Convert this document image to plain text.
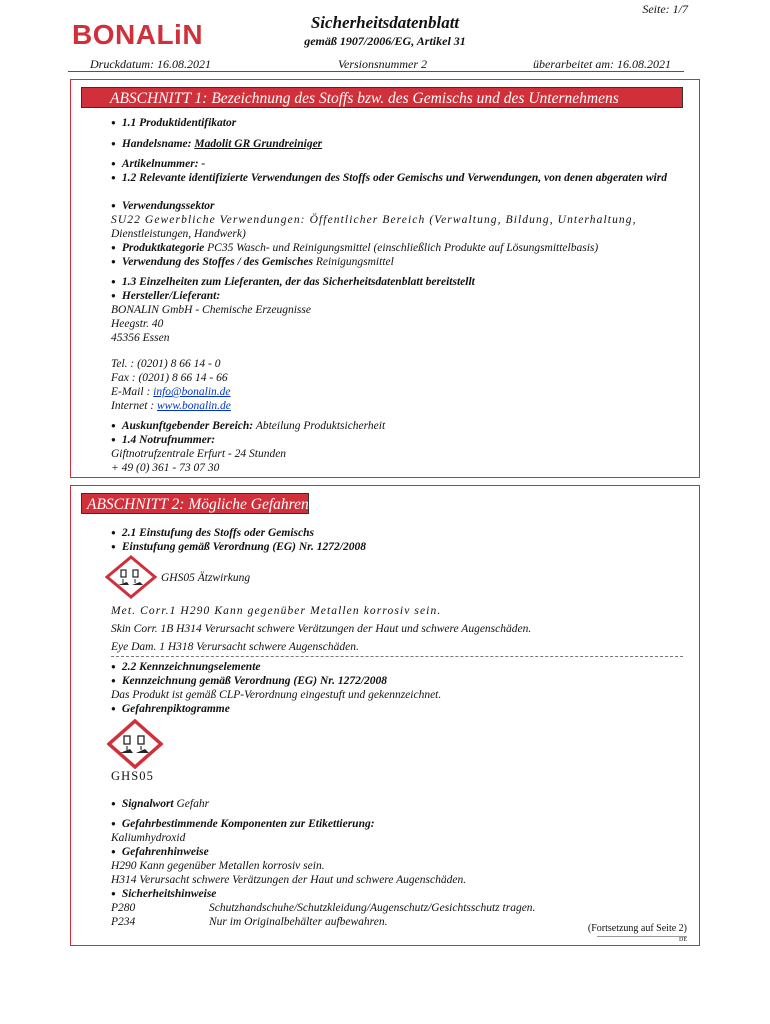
Seite: 1/7
BONALiN	Sicherheitsdatenblatt
gemäß 1907/2006/EG, Artikel 31
Druckdatum: 16.08.2021	Versionsnummer 2	überarbeitet am: 16.08.2021
ABSCHNITT 1: Bezeichnung des Stoffs bzw. des Gemischs und des Unternehmens
● 1.1 Produktidentifikator
● Handelsname: Madolit GR Grundreiniger
● Artikelnummer: -
● 1.2 Relevante identifizierte Verwendungen des Stoffs oder Gemischs und Verwendungen, von denen abgeraten wird
● Verwendungssektor
SU22 Gewerbliche Verwendungen: Öffentlicher Bereich (Verwaltung, Bildung, Unterhaltung,
Dienstleistungen, Handwerk)
● Produktkategorie PC35 Wasch- und Reinigungsmittel (einschließlich Produkte auf Lösungsmittelbasis)
● Verwendung des Stoffes / des Gemisches Reinigungsmittel
● 1.3 Einzelheiten zum Lieferanten, der das Sicherheitsdatenblatt bereitstellt
● Hersteller/Lieferant:
BONALIN GmbH - Chemische Erzeugnisse
Heegstr. 40
45356 Essen
Tel. : (0201) 8 66 14 - 0
Fax : (0201) 8 66 14 - 66
E-Mail : info@bonalin.de
Internet : www.bonalin.de
● Auskunftgebender Bereich: Abteilung Produktsicherheit
● 1.4 Notrufnummer:
Giftnotrufzentrale Erfurt - 24 Stunden
+ 49 (0) 361 - 73 07 30
ABSCHNITT 2: Mögliche Gefahren
● 2.1 Einstufung des Stoffs oder Gemischs
● Einstufung gemäß Verordnung (EG) Nr. 1272/2008
GHS05 Ätzwirkung
Met. Corr.1 H290 Kann gegenüber Metallen korrosiv sein.
Skin Corr. 1B H314 Verursacht schwere Verätzungen der Haut und schwere Augenschäden.
Eye Dam. 1 H318 Verursacht schwere Augenschäden.
● 2.2 Kennzeichnungselemente
● Kennzeichnung gemäß Verordnung (EG) Nr. 1272/2008
Das Produkt ist gemäß CLP-Verordnung eingestuft und gekennzeichnet.
● Gefahrenpiktogramme
GHS05
● Signalwort Gefahr
● Gefahrbestimmende Komponenten zur Etikettierung:
Kaliumhydroxid
● Gefahrenhinweise
H290 Kann gegenüber Metallen korrosiv sein.
H314 Verursacht schwere Verätzungen der Haut und schwere Augenschäden.
● Sicherheitshinweise
P280	Schutzhandschuhe/Schutzkleidung/Augenschutz/Gesichtsschutz tragen.
P234	Nur im Originalbehälter aufbewahren.
(Fortsetzung auf Seite 2)
DE
